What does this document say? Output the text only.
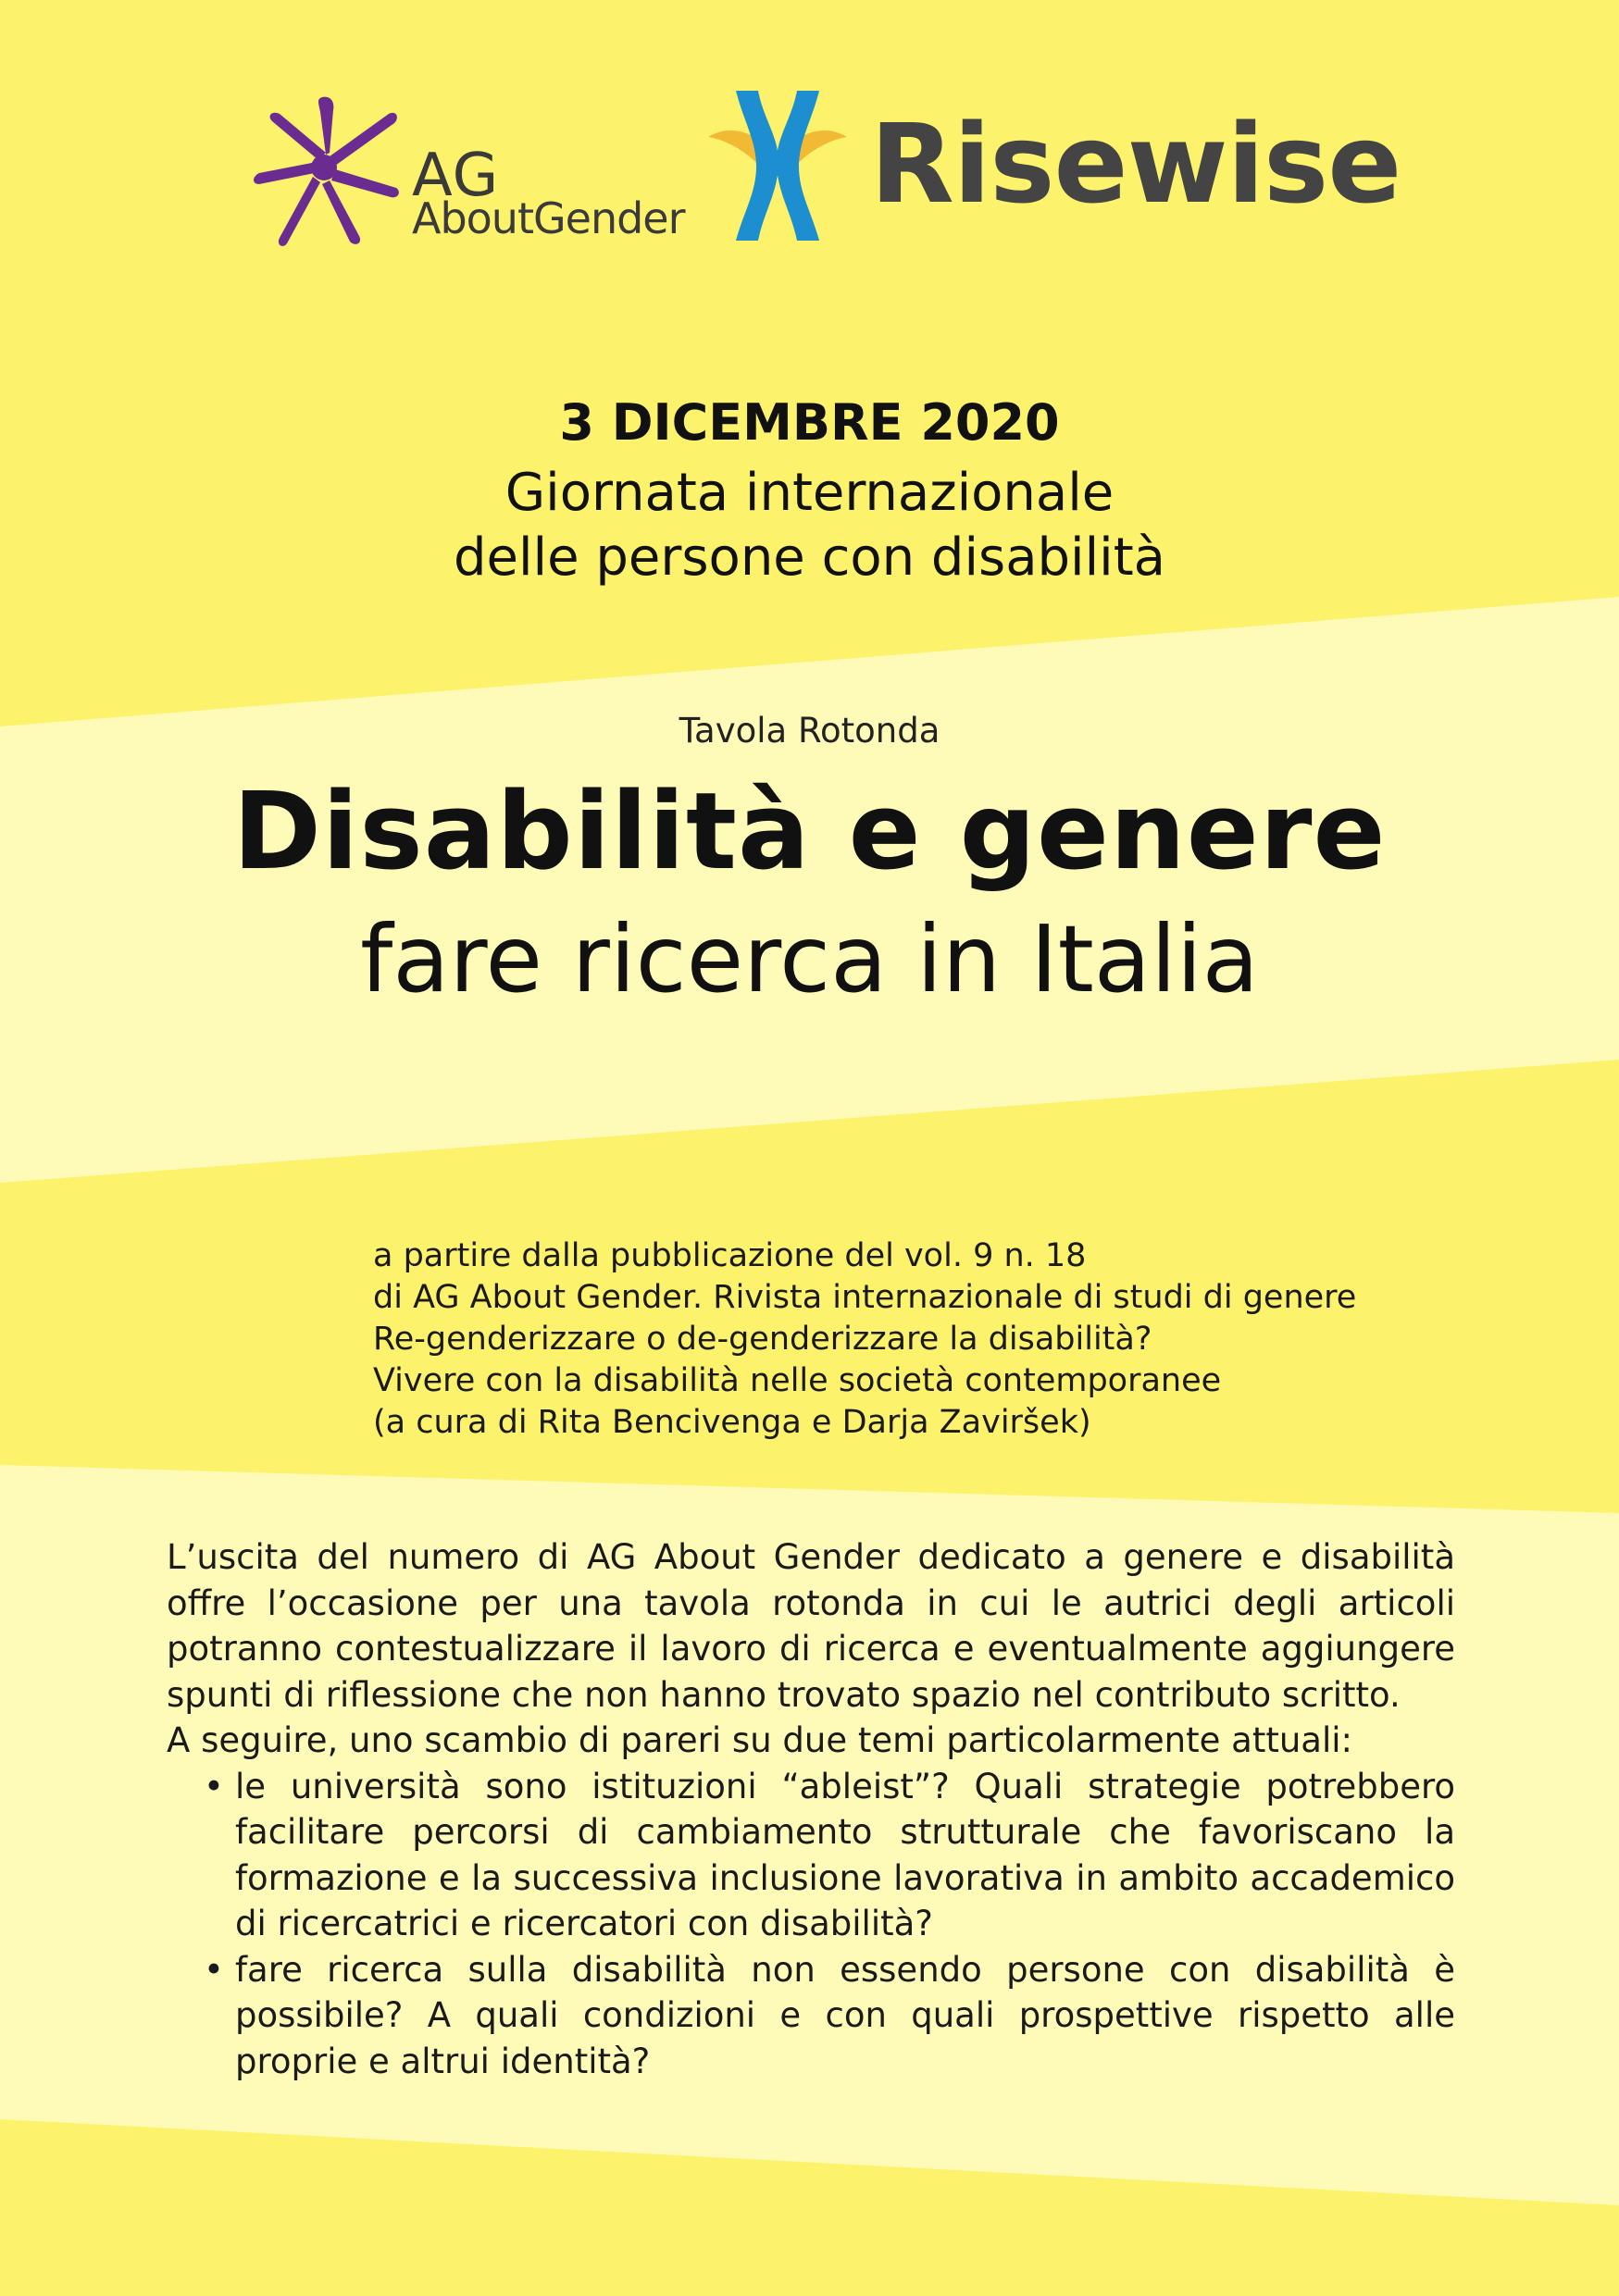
AG
AboutGender Risewise
3 DICEMBRE 2020
Giornata internazionale
delle persone con disabilità
Tavola Rotonda
Disabilità e genere
fare ricerca in Italia
a partire dalla pubblicazione del vol. 9 n. 18
di AG About Gender. Rivista internazionale di studi di genere
Re-genderizzare o de-genderizzare la disabilità?
Vivere con la disabilità nelle società contemporanee
(a cura di Rita Bencivenga e Darja Zaviršek)

L’uscita del numero di AG About Gender dedicato a genere e disabilità offre l’occasione per una tavola rotonda in cui le autrici degli articoli potranno contestualizzare il lavoro di ricerca e eventualmente aggiungere spunti di riflessione che non hanno trovato spazio nel contributo scritto.

A seguire, uno scambio di pareri su due temi particolarmente attuali:

• le università sono istituzioni “ableist”? Quali strategie potrebbero facilitare percorsi di cambiamento strutturale che favoriscano la formazione e la successiva inclusione lavorativa in ambito accademico di ricercatrici e ricercatori con disabilità?
• fare ricerca sulla disabilità non essendo persone con disabilità è possibile? A quali condizioni e con quali prospettive rispetto alle proprie e altrui identità?
